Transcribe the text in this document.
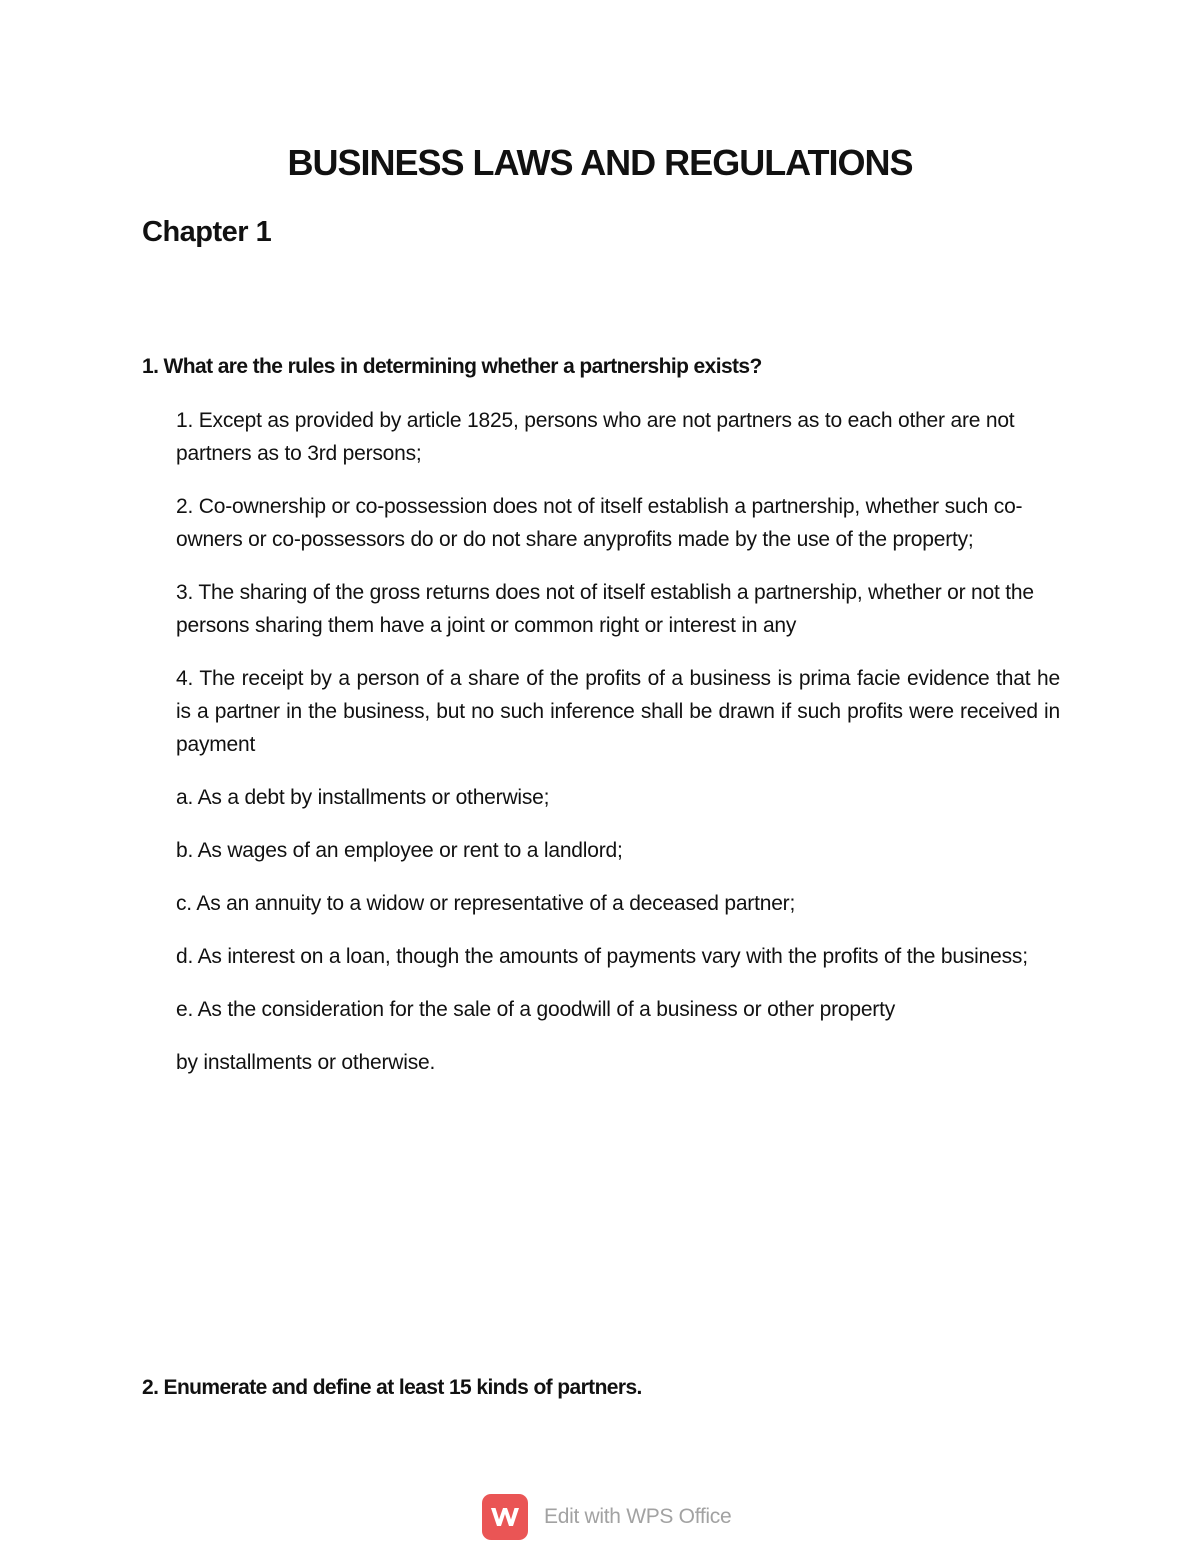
BUSINESS LAWS AND REGULATIONS
Chapter 1
1. What are the rules in determining whether a partnership exists?

1. Except as provided by article 1825, persons who are not partners as to each other are not partners as to 3rd persons;

2. Co-ownership or co-possession does not of itself establish a partnership, whether such co-owners or co-possessors do or do not share anyprofits made by the use of the property;

3. The sharing of the gross returns does not of itself establish a partnership, whether or not the persons sharing them have a joint or common right or interest in any

4. The receipt by a person of a share of the profits of a business is prima facie evidence that he is a partner in the business, but no such inference shall be drawn if such profits were received in payment

a. As a debt by installments or otherwise;

b. As wages of an employee or rent to a landlord;

c. As an annuity to a widow or representative of a deceased partner;

d. As interest on a loan, though the amounts of payments vary with the profits of the business;

e. As the consideration for the sale of a goodwill of a business or other property

by installments or otherwise.

2. Enumerate and define at least 15 kinds of partners.
Edit with WPS Office
